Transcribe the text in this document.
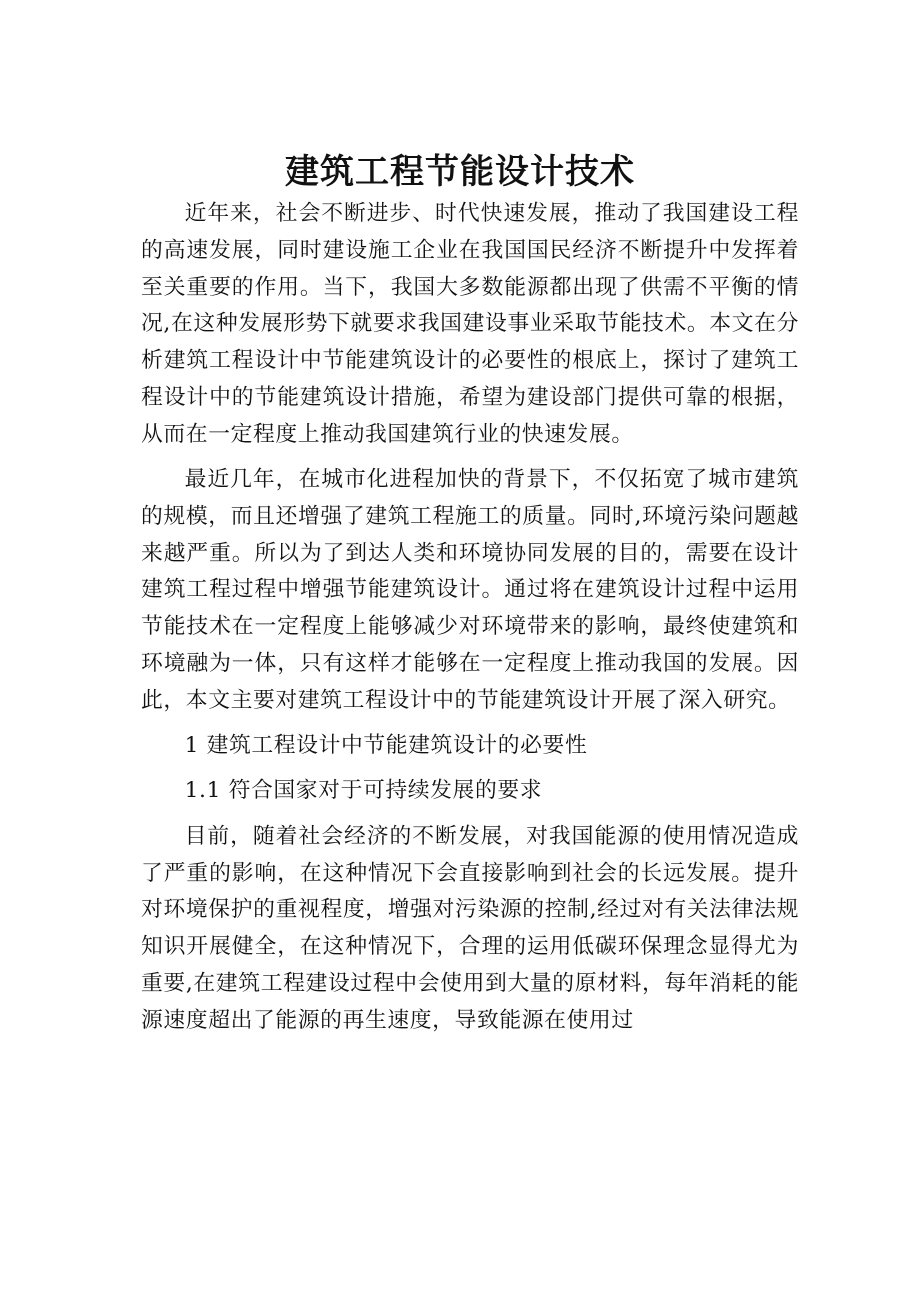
建筑工程节能设计技术

近年来，社会不断进步、时代快速发展，推动了我国建设工程的高速发展，同时建设施工企业在我国国民经济不断提升中发挥着至关重要的作用。当下，我国大多数能源都出现了供需不平衡的情况,在这种发展形势下就要求我国建设事业采取节能技术。本文在分析建筑工程设计中节能建筑设计的必要性的根底上，探讨了建筑工程设计中的节能建筑设计措施，希望为建设部门提供可靠的根据，从而在一定程度上推动我国建筑行业的快速发展。

最近几年，在城市化进程加快的背景下，不仅拓宽了城市建筑的规模，而且还增强了建筑工程施工的质量。同时,环境污染问题越来越严重。所以为了到达人类和环境协同发展的目的，需要在设计建筑工程过程中增强节能建筑设计。通过将在建筑设计过程中运用节能技术在一定程度上能够减少对环境带来的影响，最终使建筑和环境融为一体，只有这样才能够在一定程度上推动我国的发展。因此，本文主要对建筑工程设计中的节能建筑设计开展了深入研究。

1 建筑工程设计中节能建筑设计的必要性

1.1 符合国家对于可持续发展的要求

目前，随着社会经济的不断发展，对我国能源的使用情况造成了严重的影响，在这种情况下会直接影响到社会的长远发展。提升对环境保护的重视程度，增强对污染源的控制,经过对有关法律法规知识开展健全，在这种情况下，合理的运用低碳环保理念显得尤为重要,在建筑工程建设过程中会使用到大量的原材料，每年消耗的能源速度超出了能源的再生速度，导致能源在使用过
